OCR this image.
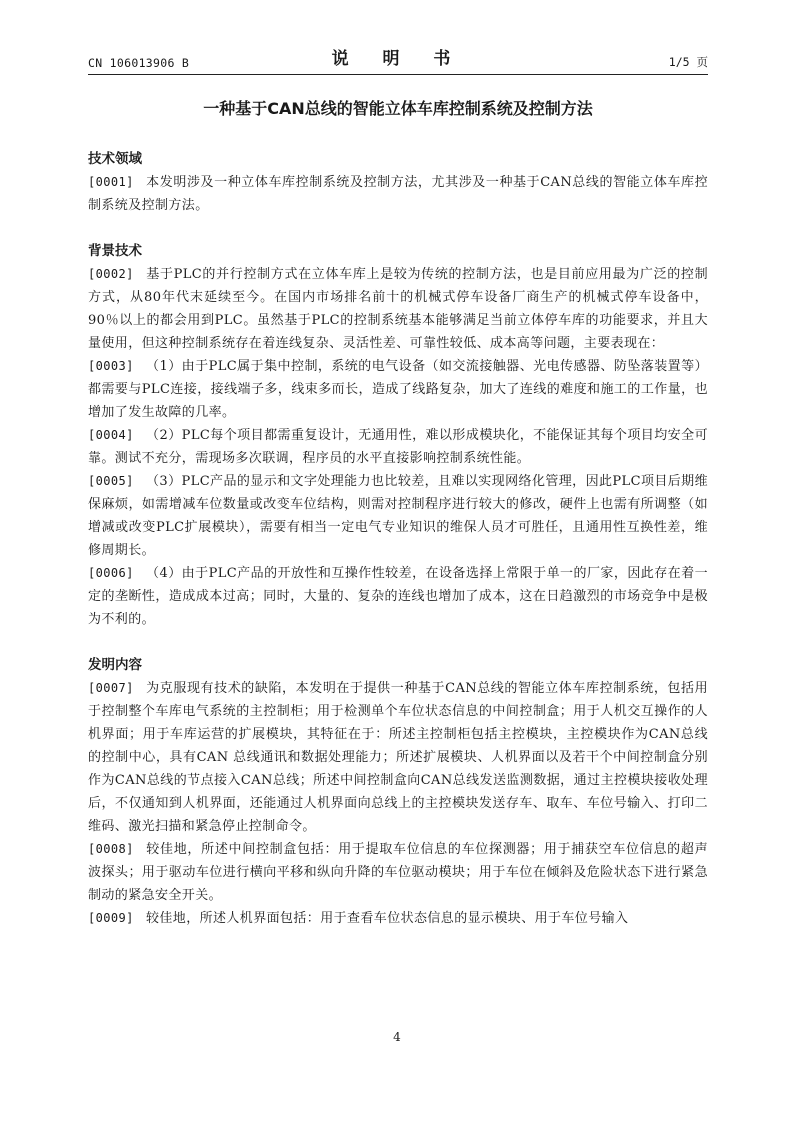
CN 106013906 B	说 明 书	1/5 页
一种基于CAN总线的智能立体车库控制系统及控制方法
技术领域
[0001] 本发明涉及一种立体车库控制系统及控制方法，尤其涉及一种基于CAN总线的智能立体车库控制系统及控制方法。
背景技术
[0002] 基于PLC的并行控制方式在立体车库上是较为传统的控制方法，也是目前应用最为广泛的控制方式，从80年代末延续至今。在国内市场排名前十的机械式停车设备厂商生产的机械式停车设备中，90％以上的都会用到PLC。虽然基于PLC的控制系统基本能够满足当前立体停车库的功能要求，并且大量使用，但这种控制系统存在着连线复杂、灵活性差、可靠性较低、成本高等问题，主要表现在：
[0003] （1）由于PLC属于集中控制，系统的电气设备（如交流接触器、光电传感器、防坠落装置等）都需要与PLC连接，接线端子多，线束多而长，造成了线路复杂，加大了连线的难度和施工的工作量，也增加了发生故障的几率。
[0004] （2）PLC每个项目都需重复设计，无通用性，难以形成模块化，不能保证其每个项目均安全可靠。测试不充分，需现场多次联调，程序员的水平直接影响控制系统性能。
[0005] （3）PLC产品的显示和文字处理能力也比较差，且难以实现网络化管理，因此PLC项目后期维保麻烦，如需增减车位数量或改变车位结构，则需对控制程序进行较大的修改，硬件上也需有所调整（如增减或改变PLC扩展模块），需要有相当一定电气专业知识的维保人员才可胜任，且通用性互换性差，维修周期长。
[0006] （4）由于PLC产品的开放性和互操作性较差，在设备选择上常限于单一的厂家，因此存在着一定的垄断性，造成成本过高；同时，大量的、复杂的连线也增加了成本，这在日趋激烈的市场竞争中是极为不利的。
发明内容
[0007] 为克服现有技术的缺陷，本发明在于提供一种基于CAN总线的智能立体车库控制系统，包括用于控制整个车库电气系统的主控制柜；用于检测单个车位状态信息的中间控制盒；用于人机交互操作的人机界面；用于车库运营的扩展模块，其特征在于：所述主控制柜包括主控模块，主控模块作为CAN总线的控制中心，具有CAN 总线通讯和数据处理能力；所述扩展模块、人机界面以及若干个中间控制盒分别作为CAN总线的节点接入CAN总线；所述中间控制盒向CAN总线发送监测数据，通过主控模块接收处理后，不仅通知到人机界面，还能通过人机界面向总线上的主控模块发送存车、取车、车位号输入、打印二维码、激光扫描和紧急停止控制命令。
[0008] 较佳地，所述中间控制盒包括：用于提取车位信息的车位探测器；用于捕获空车位信息的超声波探头；用于驱动车位进行横向平移和纵向升降的车位驱动模块；用于车位在倾斜及危险状态下进行紧急制动的紧急安全开关。
[0009] 较佳地，所述人机界面包括：用于查看车位状态信息的显示模块、用于车位号输入
4
